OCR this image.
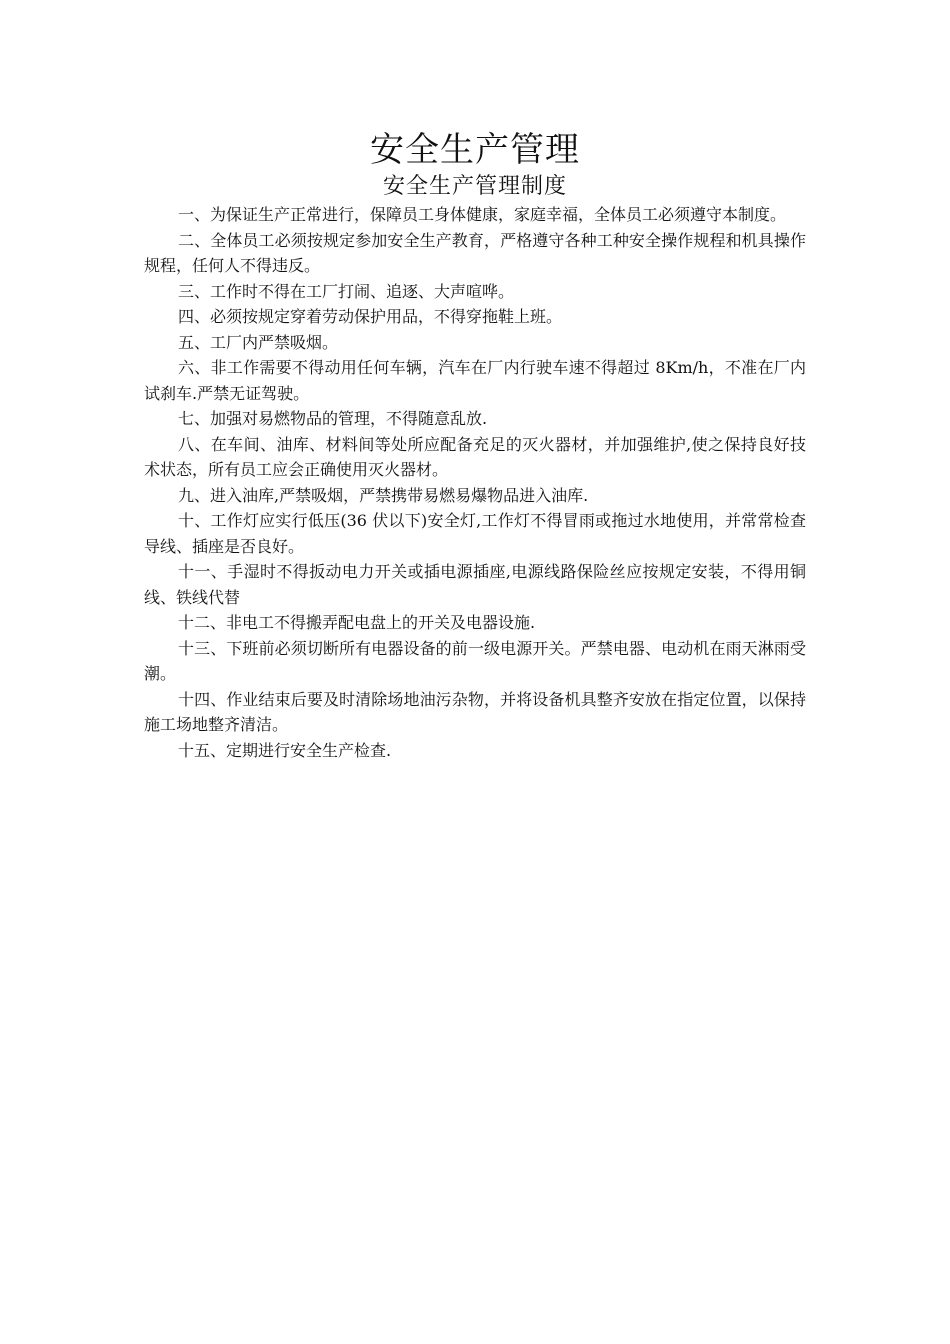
安全生产管理
安全生产管理制度

一、为保证生产正常进行，保障员工身体健康，家庭幸福，全体员工必须遵守本制度。

二、全体员工必须按规定参加安全生产教育，严格遵守各种工种安全操作规程和机具操作规程，任何人不得违反。

三、工作时不得在工厂打闹、追逐、大声喧哗。

四、必须按规定穿着劳动保护用品，不得穿拖鞋上班。

五、工厂内严禁吸烟。

六、非工作需要不得动用任何车辆，汽车在厂内行驶车速不得超过 8Km/h，不准在厂内试刹车.严禁无证驾驶。

七、加强对易燃物品的管理，不得随意乱放.

八、在车间、油库、材料间等处所应配备充足的灭火器材，并加强维护,使之保持良好技术状态，所有员工应会正确使用灭火器材。

九、进入油库,严禁吸烟，严禁携带易燃易爆物品进入油库.

十、工作灯应实行低压(36 伏以下)安全灯,工作灯不得冒雨或拖过水地使用，并常常检查导线、插座是否良好。

十一、手湿时不得扳动电力开关或插电源插座,电源线路保险丝应按规定安装，不得用铜线、铁线代替

十二、非电工不得搬弄配电盘上的开关及电器设施.

十三、下班前必须切断所有电器设备的前一级电源开关。严禁电器、电动机在雨天淋雨受潮。

十四、作业结束后要及时清除场地油污杂物，并将设备机具整齐安放在指定位置，以保持施工场地整齐清洁。

十五、定期进行安全生产检查.
